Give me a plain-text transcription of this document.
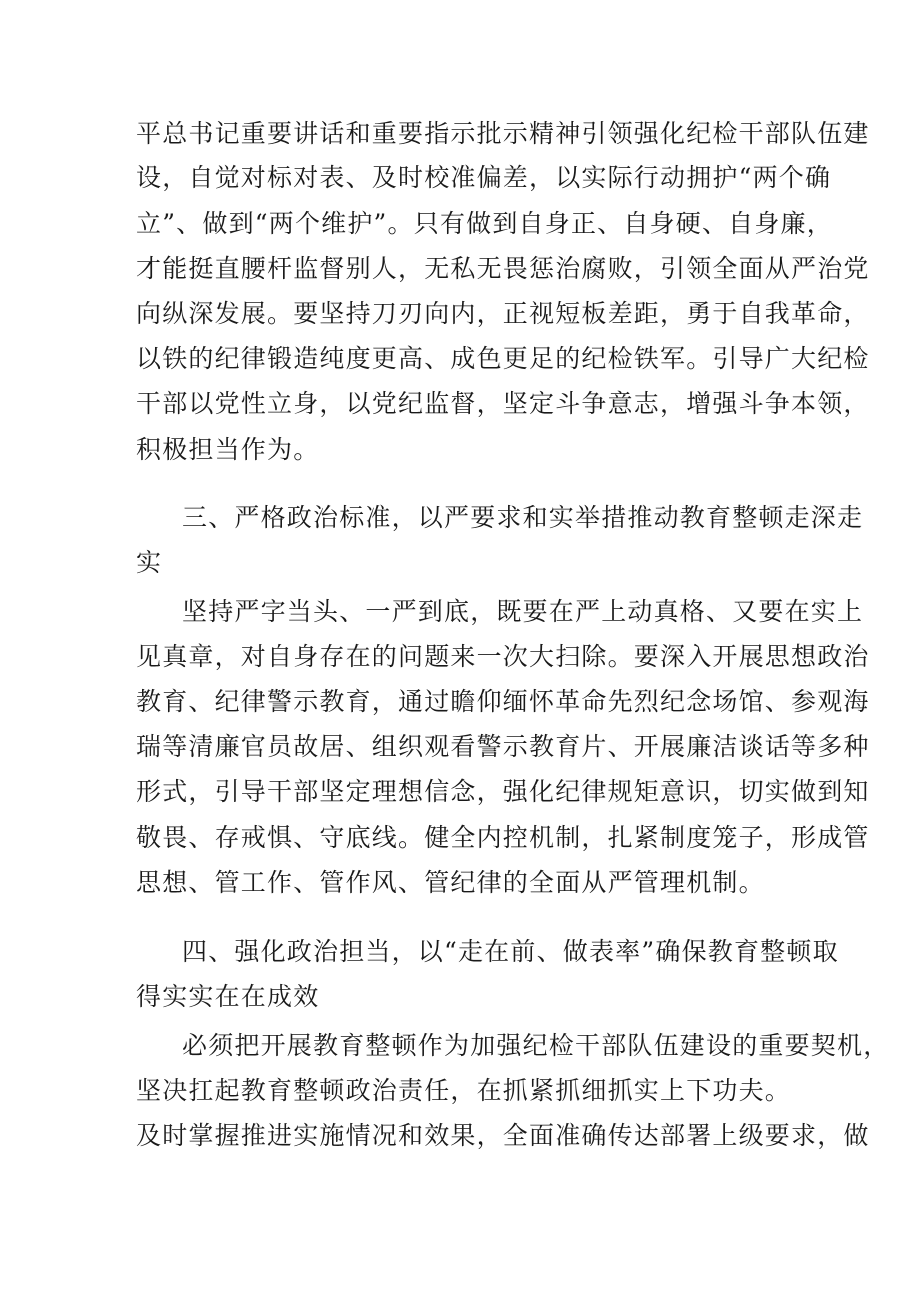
平总书记重要讲话和重要指示批示精神引领强化纪检干部队伍建
设，自觉对标对表、及时校准偏差，以实际行动拥护“两个确
立”、做到“两个维护”。只有做到自身正、自身硬、自身廉，
才能挺直腰杆监督别人，无私无畏惩治腐败，引领全面从严治党
向纵深发展。要坚持刀刃向内，正视短板差距，勇于自我革命，
以铁的纪律锻造纯度更高、成色更足的纪检铁军。引导广大纪检
干部以党性立身，以党纪监督，坚定斗争意志，增强斗争本领，
积极担当作为。
三、严格政治标准，以严要求和实举措推动教育整顿走深走
实
坚持严字当头、一严到底，既要在严上动真格、又要在实上
见真章，对自身存在的问题来一次大扫除。要深入开展思想政治
教育、纪律警示教育，通过瞻仰缅怀革命先烈纪念场馆、参观海
瑞等清廉官员故居、组织观看警示教育片、开展廉洁谈话等多种
形式，引导干部坚定理想信念，强化纪律规矩意识，切实做到知
敬畏、存戒惧、守底线。健全内控机制，扎紧制度笼子，形成管
思想、管工作、管作风、管纪律的全面从严管理机制。
四、强化政治担当，以“走在前、做表率”确保教育整顿取
得实实在在成效
必须把开展教育整顿作为加强纪检干部队伍建设的重要契机，
坚决扛起教育整顿政治责任，在抓紧抓细抓实上下功夫。
及时掌握推进实施情况和效果，全面准确传达部署上级要求，做
